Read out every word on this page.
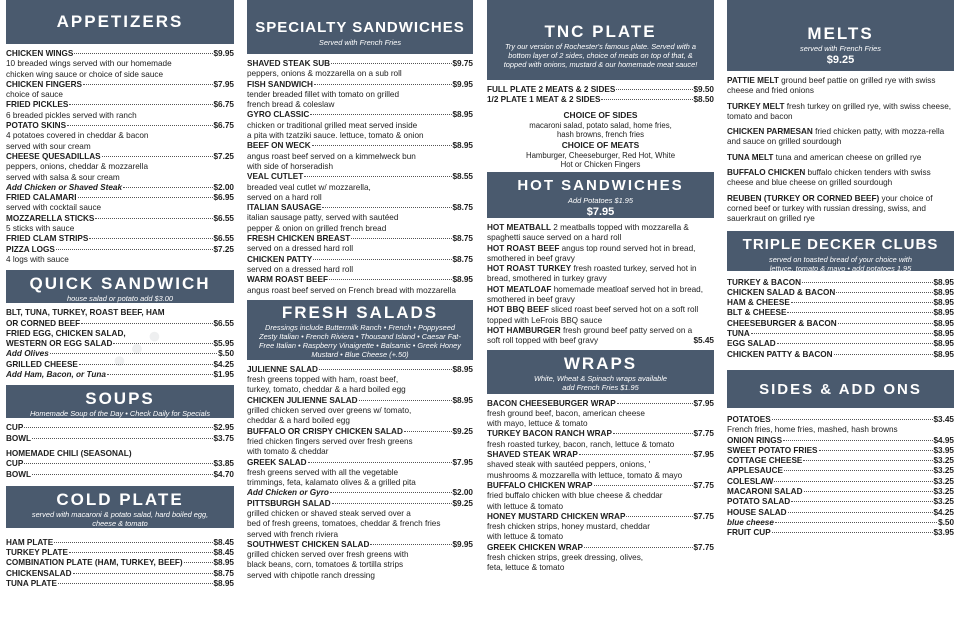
APPETIZERS
CHICKEN WINGS	$9.95
10 breaded wings served with our homemade
chicken wing sauce or choice of side sauce
CHICKEN FINGERS	$7.95
choice of sauce
FRIED PICKLES	$6.75
6 breaded pickles served with ranch
POTATO SKINS	$6.75
4 potatoes covered in cheddar & bacon
served with sour cream
CHEESE QUESADILLAS	$7.25
peppers, onions, cheddar & mozzarella
served with salsa & sour cream
Add Chicken or Shaved Steak	$2.00
FRIED CALAMARI	$6.95
served with cocktail sauce
MOZZARELLA STICKS	$6.55
5 sticks with sauce
FRIED CLAM STRIPS	$6.55
PIZZA LOGS	$7.25
4 logs with sauce
QUICK SANDWICH
house salad or potato add $3.00
BLT, TUNA, TURKEY, ROAST BEEF, HAM
OR CORNED BEEF	$6.55
FRIED EGG, CHICKEN SALAD,
WESTERN OR EGG SALAD	$5.95
Add Olives	$.50
GRILLED CHEESE	$4.25
Add Ham, Bacon, or Tuna	$1.95
SOUPS
Homemade Soup of the Day • Check Daily for Specials
CUP	$2.95
BOWL	$3.75
HOMEMADE CHILI (SEASONAL)
CUP	$3.85
BOWL	$4.70
COLD PLATE
served with macaroni & potato salad, hard boiled egg, cheese & tomato
HAM PLATE	$8.45
TURKEY PLATE	$8.45
COMBINATION PLATE (HAM, TURKEY, BEEF)	$8.95
CHICKENSALAD	$8.75
TUNA PLATE	$8.95
SPECIALTY SANDWICHES
Served with French Fries
SHAVED STEAK SUB	$9.75
peppers, onions & mozzarella on a sub roll
FISH SANDWICH	$9.95
tender breaded fillet with tomato on grilled
french bread & coleslaw
GYRO CLASSIC	$8.95
chicken or traditional grilled meat served inside
a pita with tzatziki sauce. lettuce, tomato & onion
BEEF ON WECK	$8.95
angus roast beef served on a kimmelweck bun
with side of horseradish
VEAL CUTLET	$8.55
breaded veal cutlet w/ mozzarella,
served on a hard roll
ITALIAN SAUSAGE	$8.75
italian sausage patty, served with sautéed
pepper & onion on grilled french bread
FRESH CHICKEN BREAST	$8.75
served on a dressed hard roll
CHICKEN PATTY	$8.75
served on a dressed hard roll
WARM ROAST BEEF	$8.95
angus roast beef served on French bread with mozzarella
FRESH SALADS
Dressings include Buttermilk Ranch • French • Poppyseed Zesty Italian • French Riviera • Thousand Island • Caesar Fat-Free Italian • Raspberry Vinaigrette • Balsamic • Greek Honey Mustard • Blue Cheese (+.50)
JULIENNE SALAD	$8.95
fresh greens topped with ham, roast beef,
turkey, tomato, cheddar & a hard boiled egg
CHICKEN JULIENNE SALAD	$8.95
grilled chicken served over greens w/ tomato,
cheddar & a hard boiled egg
BUFFALO OR CRISPY CHICKEN SALAD	$9.25
fried chicken fingers served over fresh greens
with tomato & cheddar
GREEK SALAD	$7.95
fresh greens served with all the vegetable
trimmings, feta, kalamato olives & a grilled pita
Add Chicken or Gyro	$2.00
PITTSBURGH SALAD	$9.25
grilled chicken or shaved steak served over a
bed of fresh greens, tomatoes, cheddar & french fries
served with french riviera
SOUTHWEST CHICKEN SALAD	$9.95
grilled chicken served over fresh greens with
black beans, corn, tomatoes & tortilla strips
served with chipotle ranch dressing
TNC PLATE
Try our version of Rochester's famous plate. Served with a bottom layer of 2 sides, choice of meats on top of that, & topped with onions, mustard & our homemade meat sauce!
FULL PLATE 2 MEATS & 2 SIDES	$9.50
1/2 PLATE 1 MEAT & 2 SIDES	$8.50
CHOICE OF SIDES
macaroni salad, potato salad, home fries, hash browns, french fries
CHOICE OF MEATS
Hamburger, Cheeseburger, Red Hot, White Hot or Chicken Fingers
HOT SANDWICHES
Add Potatoes $1.95
$7.95
HOT MEATBALL 2 meatballs topped with mozzarella & spaghetti sauce served on a hard roll
HOT ROAST BEEF angus top round served hot in bread, smothered in beef gravy
HOT ROAST TURKEY fresh roasted turkey, served hot in bread, smothered in turkey gravy
HOT MEATLOAF homemade meatloaf served hot in bread, smothered in beef gravy
HOT BBQ BEEF sliced roast beef served hot on a soft roll topped with LeFrois BBQ sauce
HOT HAMBURGER fresh ground beef patty served on a soft roll topped with beef gravy	$5.45
WRAPS
White, Wheat & Spinach wraps available add French Fries $1.95
BACON CHEESEBURGER WRAP	$7.95
fresh ground beef, bacon, american cheese
with mayo, lettuce & tomato
TURKEY BACON RANCH WRAP	$7.75
fresh roasted turkey, bacon, ranch, lettuce & tomato
SHAVED STEAK WRAP	$7.95
shaved steak with sautéed peppers, onions, '
mushrooms & mozzarella with lettuce, tomato & mayo
BUFFALO CHICKEN WRAP	$7.75
fried buffalo chicken with blue cheese & cheddar
with lettuce & tomato
HONEY MUSTARD CHICKEN WRAP	$7.75
fresh chicken strips, honey mustard, cheddar
with lettuce & tomato
GREEK CHICKEN WRAP	$7.75
fresh chicken strips, greek dressing, olives,
feta, lettuce & tomato
MELTS
served with French Fries
$9.25
PATTIE MELT ground beef pattie on grilled rye with swiss cheese and fried onions
TURKEY MELT fresh turkey on grilled rye, with swiss cheese, tomato and bacon
CHICKEN PARMESAN fried chicken patty, with mozza-rella and sauce on grilled sourdough
TUNA MELT tuna and american cheese on grilled rye
BUFFALO CHICKEN buffalo chicken tenders with swiss cheese and blue cheese on grilled sourdough
REUBEN (TURKEY OR CORNED BEEF) your choice of corned beef or turkey with russian dressing, swiss, and sauerkraut on grilled rye
TRIPLE DECKER CLUBS
served on toasted bread of your choice with lettuce, tomato & mayo • add potatoes 1.95
TURKEY & BACON	$8.95
CHICKEN SALAD & BACON	$8.95
HAM & CHEESE	$8.95
BLT & CHEESE	$8.95
CHEESEBURGER & BACON	$8.95
TUNA	$8.95
EGG SALAD	$8.95
CHICKEN PATTY & BACON	$8.95
SIDES & ADD ONS
POTATOES	$3.45
French fries, home fries, mashed, hash browns
ONION RINGS	$4.95
SWEET POTATO FRIES	$3.95
COTTAGE CHEESE	$3.25
APPLESAUCE	$3.25
COLESLAW	$3.25
MACARONI SALAD	$3.25
POTATO SALAD	$3.25
HOUSE SALAD	$4.25
blue cheese	$.50
FRUIT CUP	$3.95
• • •
